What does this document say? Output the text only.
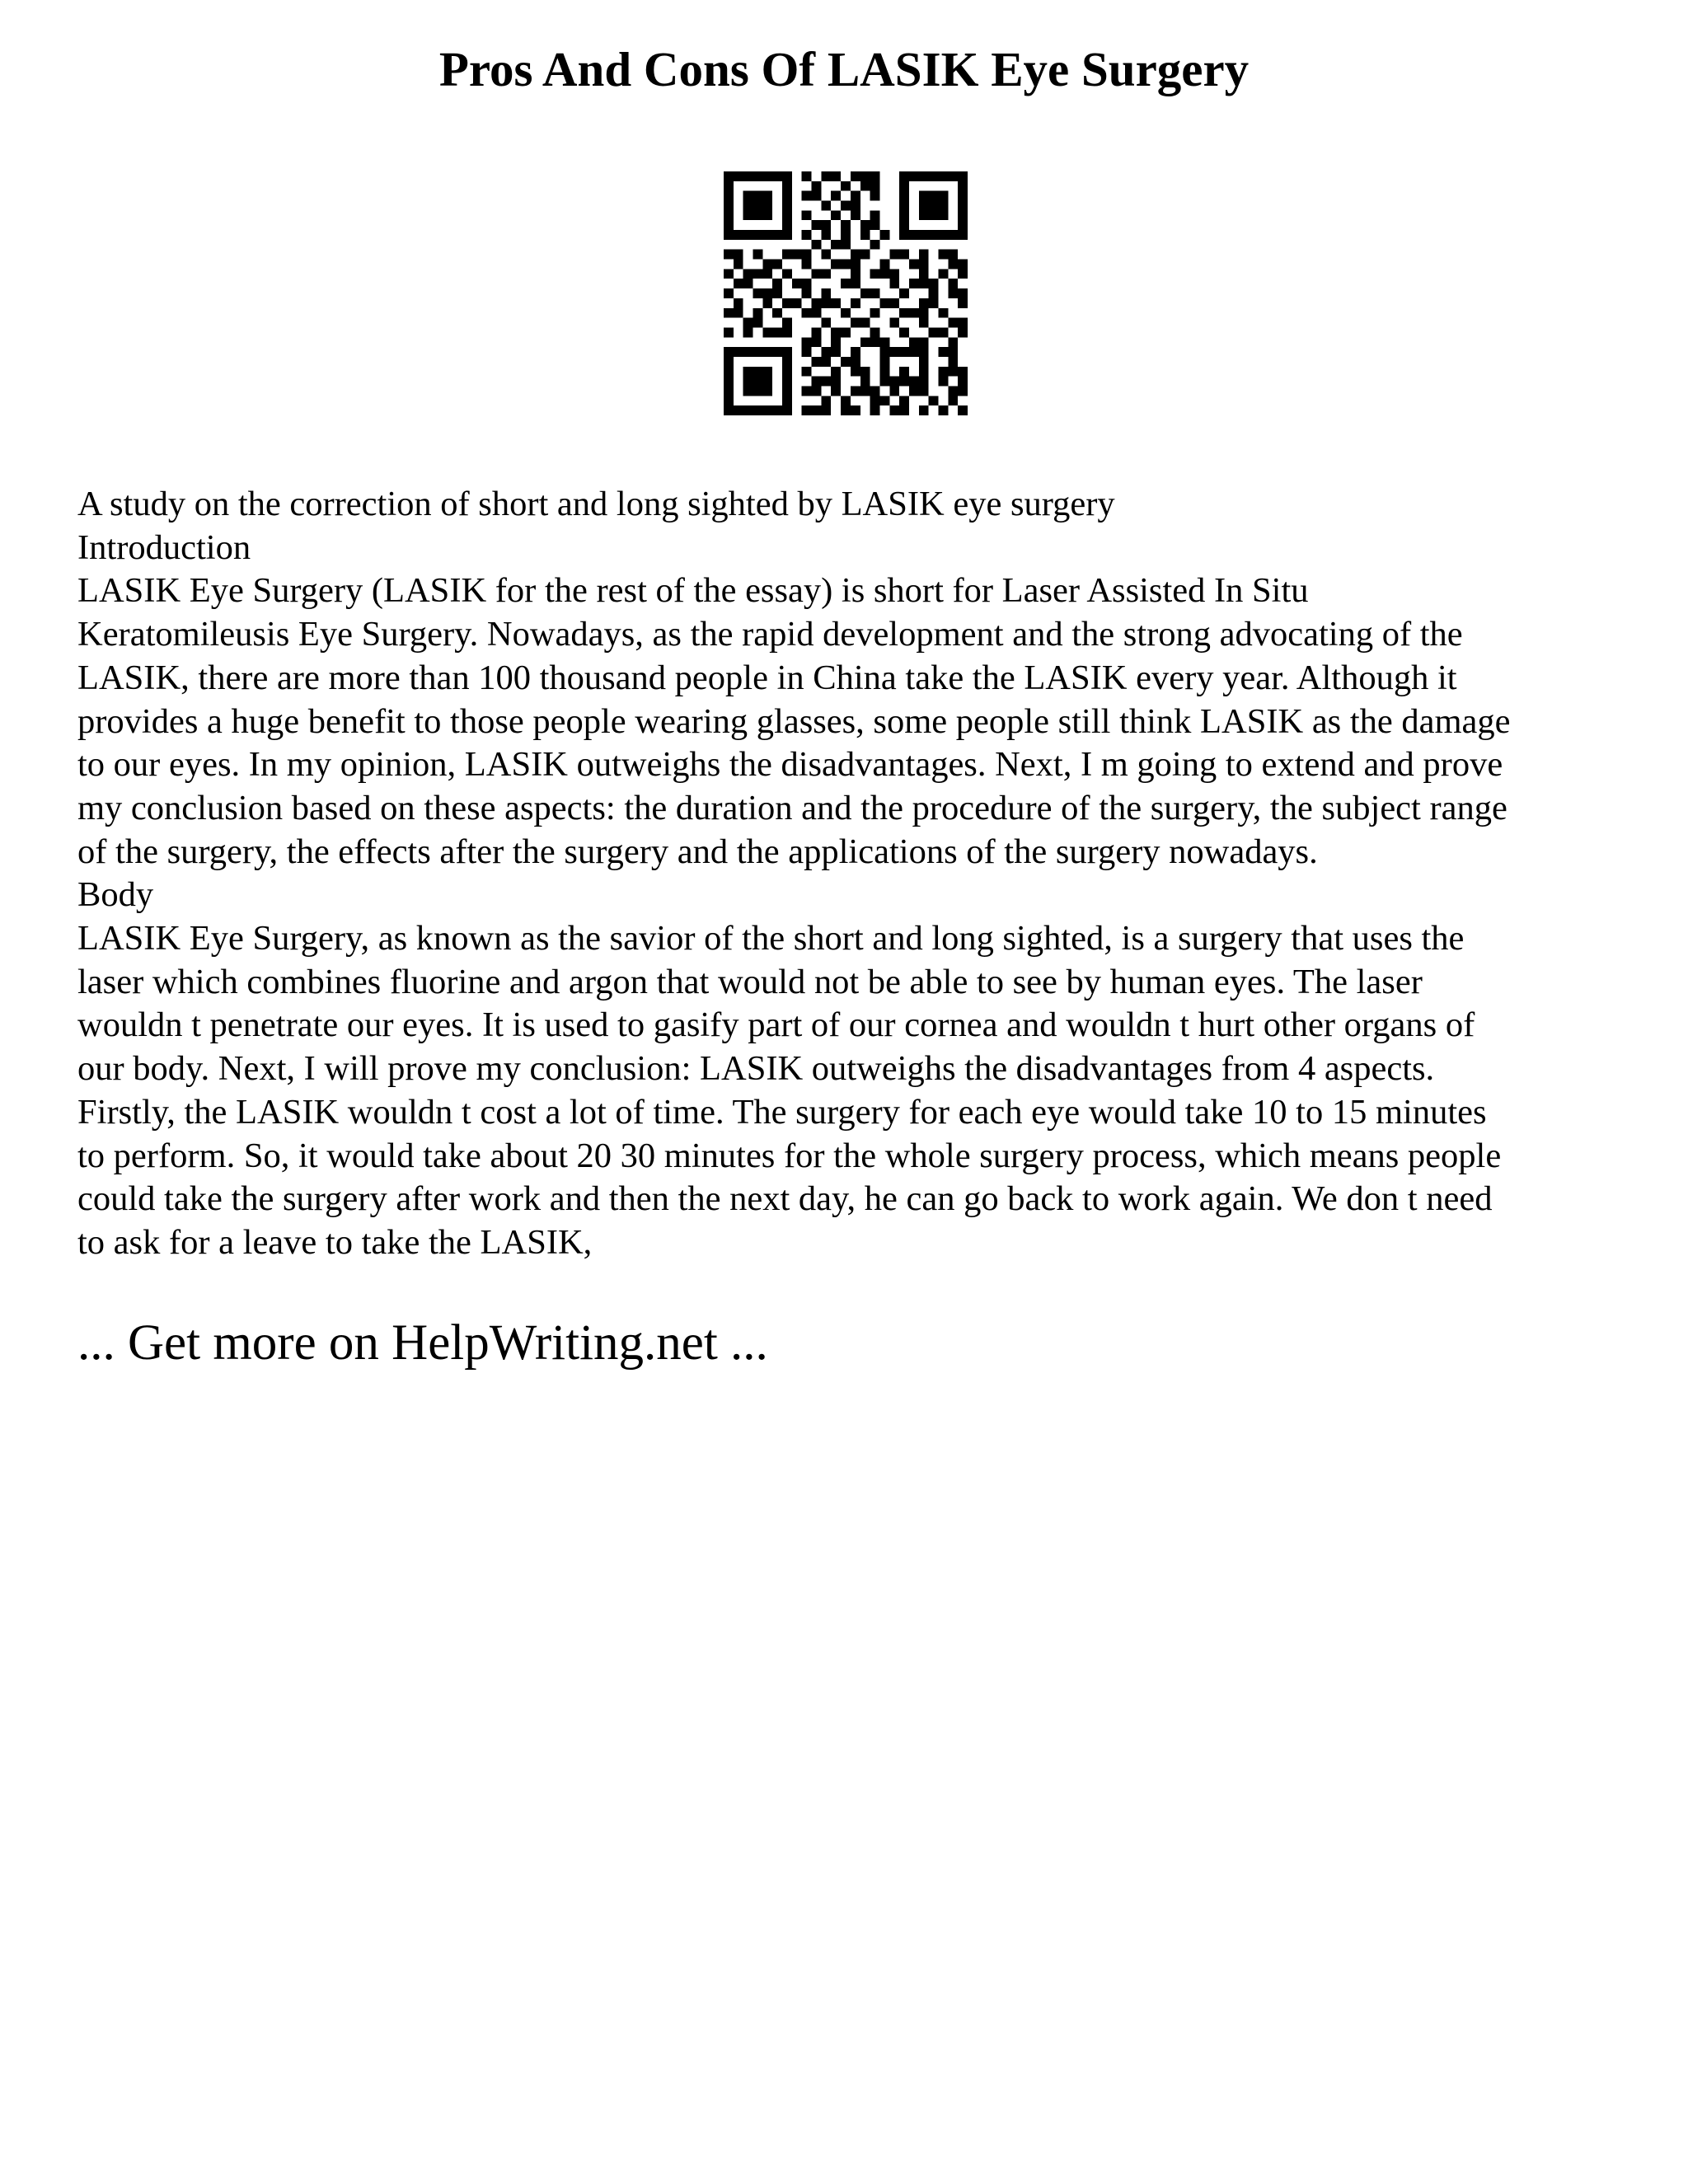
Pros And Cons Of LASIK Eye Surgery
A study on the correction of short and long sighted by LASIK eye surgery
Introduction
LASIK Eye Surgery (LASIK for the rest of the essay) is short for Laser Assisted In Situ
Keratomileusis Eye Surgery. Nowadays, as the rapid development and the strong advocating of the
LASIK, there are more than 100 thousand people in China take the LASIK every year. Although it
provides a huge benefit to those people wearing glasses, some people still think LASIK as the damage
to our eyes. In my opinion, LASIK outweighs the disadvantages. Next, I m going to extend and prove
my conclusion based on these aspects: the duration and the procedure of the surgery, the subject range
of the surgery, the effects after the surgery and the applications of the surgery nowadays.
Body
LASIK Eye Surgery, as known as the savior of the short and long sighted, is a surgery that uses the
laser which combines fluorine and argon that would not be able to see by human eyes. The laser
wouldn t penetrate our eyes. It is used to gasify part of our cornea and wouldn t hurt other organs of
our body. Next, I will prove my conclusion: LASIK outweighs the disadvantages from 4 aspects.
Firstly, the LASIK wouldn t cost a lot of time. The surgery for each eye would take 10 to 15 minutes
to perform. So, it would take about 20 30 minutes for the whole surgery process, which means people
could take the surgery after work and then the next day, he can go back to work again. We don t need
to ask for a leave to take the LASIK,
... Get more on HelpWriting.net ...
